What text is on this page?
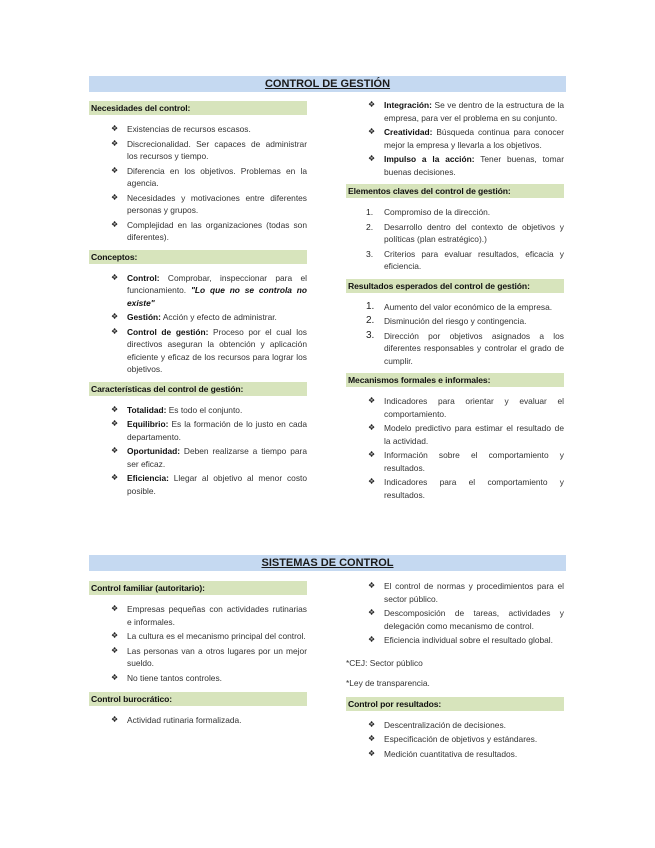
CONTROL DE GESTIÓN
Necesidades del control:
❖ Existencias de recursos escasos.
❖ Discrecionalidad. Ser capaces de administrar los recursos y tiempo.
❖ Diferencia en los objetivos. Problemas en la agencia.
❖ Necesidades y motivaciones entre diferentes personas y grupos.
❖ Complejidad en las organizaciones (todas son diferentes).
Conceptos:
❖ Control: Comprobar, inspeccionar para el funcionamiento. "Lo que no se controla no existe"
❖ Gestión: Acción y efecto de administrar.
❖ Control de gestión: Proceso por el cual los directivos aseguran la obtención y aplicación eficiente y eficaz de los recursos para lograr los objetivos.
Características del control de gestión:
❖ Totalidad: Es todo el conjunto.
❖ Equilibrio: Es la formación de lo justo en cada departamento.
❖ Oportunidad: Deben realizarse a tiempo para ser eficaz.
❖ Eficiencia: Llegar al objetivo al menor costo posible.
❖ Integración: Se ve dentro de la estructura de la empresa, para ver el problema en su conjunto.
❖ Creatividad: Búsqueda continua para conocer mejor la empresa y llevarla a los objetivos.
❖ Impulso a la acción: Tener buenas, tomar buenas decisiones.
Elementos claves del control de gestión:
1. Compromiso de la dirección.
2. Desarrollo dentro del contexto de objetivos y políticas (plan estratégico).)
3. Criterios para evaluar resultados, eficacia y eficiencia.
Resultados esperados del control de gestión:
1. Aumento del valor económico de la empresa.
2. Disminución del riesgo y contingencia.
3. Dirección por objetivos asignados a los diferentes responsables y controlar el grado de cumplir.
Mecanismos formales e informales:
❖ Indicadores para orientar y evaluar el comportamiento.
❖ Modelo predictivo para estimar el resultado de la actividad.
❖ Información sobre el comportamiento y resultados.
❖ Indicadores para el comportamiento y resultados.
SISTEMAS DE CONTROL
Control familiar (autoritario):
❖ Empresas pequeñas con actividades rutinarias e informales.
❖ La cultura es el mecanismo principal del control.
❖ Las personas van a otros lugares por un mejor sueldo.
❖ No tiene tantos controles.
Control burocrático:
❖ Actividad rutinaria formalizada.
❖ El control de normas y procedimientos para el sector público.
❖ Descomposición de tareas, actividades y delegación como mecanismo de control.
❖ Eficiencia individual sobre el resultado global.

*CEJ: Sector público

*Ley de transparencia.

Control por resultados:
❖ Descentralización de decisiones.
❖ Especificación de objetivos y estándares.
❖ Medición cuantitativa de resultados.
